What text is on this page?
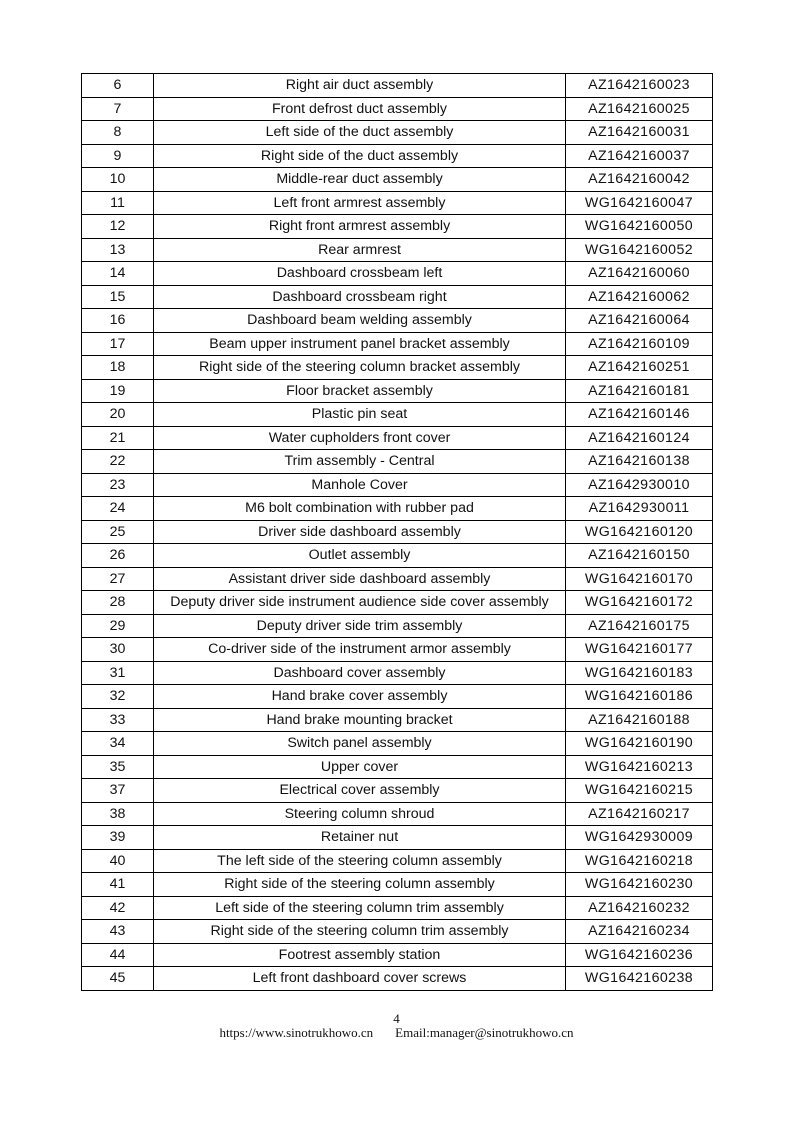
6	Right air duct assembly	AZ1642160023
7	Front defrost duct assembly	AZ1642160025
8	Left side of the duct assembly	AZ1642160031
9	Right side of the duct assembly	AZ1642160037
10	Middle-rear duct assembly	AZ1642160042
11	Left front armrest assembly	WG1642160047
12	Right front armrest assembly	WG1642160050
13	Rear armrest	WG1642160052
14	Dashboard crossbeam left	AZ1642160060
15	Dashboard crossbeam right	AZ1642160062
16	Dashboard beam welding assembly	AZ1642160064
17	Beam upper instrument panel bracket assembly	AZ1642160109
18	Right side of the steering column bracket assembly	AZ1642160251
19	Floor bracket assembly	AZ1642160181
20	Plastic pin seat	AZ1642160146
21	Water cupholders front cover	AZ1642160124
22	Trim assembly - Central	AZ1642160138
23	Manhole Cover	AZ1642930010
24	M6 bolt combination with rubber pad	AZ1642930011
25	Driver side dashboard assembly	WG1642160120
26	Outlet assembly	AZ1642160150
27	Assistant driver side dashboard assembly	WG1642160170
28	Deputy driver side instrument audience side cover assembly	WG1642160172
29	Deputy driver side trim assembly	AZ1642160175
30	Co-driver side of the instrument armor assembly	WG1642160177
31	Dashboard cover assembly	WG1642160183
32	Hand brake cover assembly	WG1642160186
33	Hand brake mounting bracket	AZ1642160188
34	Switch panel assembly	WG1642160190
35	Upper cover	WG1642160213
37	Electrical cover assembly	WG1642160215
38	Steering column shroud	AZ1642160217
39	Retainer nut	WG1642930009
40	The left side of the steering column assembly	WG1642160218
41	Right side of the steering column assembly	WG1642160230
42	Left side of the steering column trim assembly	AZ1642160232
43	Right side of the steering column trim assembly	AZ1642160234
44	Footrest assembly station	WG1642160236
45	Left front dashboard cover screws	WG1642160238
4
https://www.sinotrukhowo.cn Email:manager@sinotrukhowo.cn
